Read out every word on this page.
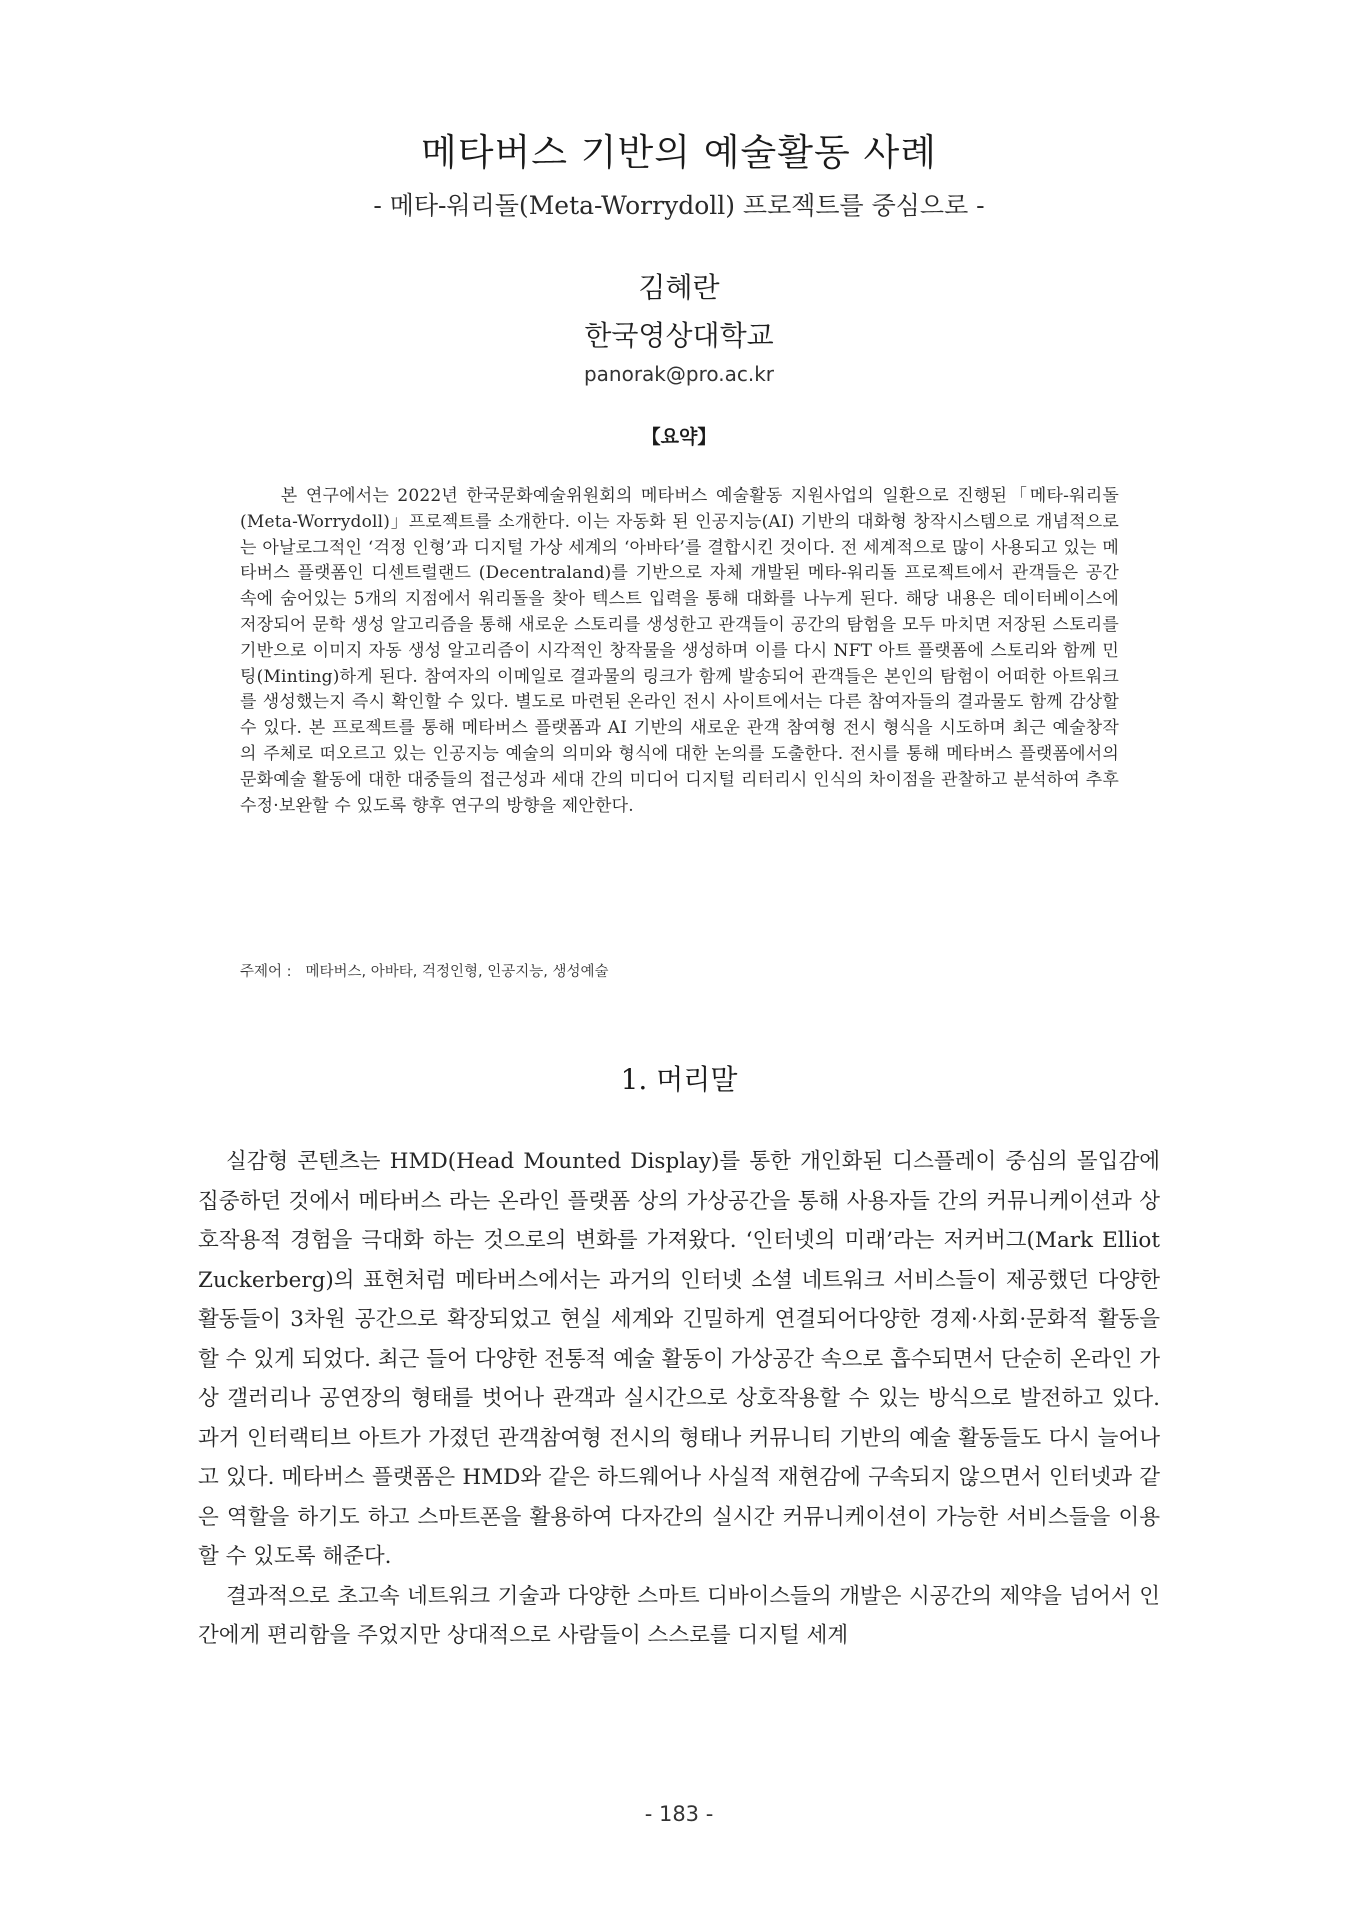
메타버스 기반의 예술활동 사례
- 메타-워리돌(Meta-Worrydoll) 프로젝트를 중심으로 -
김혜란
한국영상대학교
panorak@pro.ac.kr
【요약】

본 연구에서는 2022년 한국문화예술위원회의 메타버스 예술활동 지원사업의 일환으로 진행된「메타-워리돌 (Meta-Worrydoll)」프로젝트를 소개한다. 이는 자동화 된 인공지능(AI) 기반의 대화형 창작시스템으로 개념적으로는 아날로그적인 ‘걱정 인형’과 디지털 가상 세계의 ‘아바타’를 결합시킨 것이다. 전 세계적으로 많이 사용되고 있는 메타버스 플랫폼인 디센트럴랜드 (Decentraland)를 기반으로 자체 개발된 메타-워리돌 프로젝트에서 관객들은 공간 속에 숨어있는 5개의 지점에서 워리돌을 찾아 텍스트 입력을 통해 대화를 나누게 된다. 해당 내용은 데이터베이스에 저장되어 문학 생성 알고리즘을 통해 새로운 스토리를 생성한고 관객들이 공간의 탐험을 모두 마치면 저장된 스토리를 기반으로 이미지 자동 생성 알고리즘이 시각적인 창작물을 생성하며 이를 다시 NFT 아트 플랫폼에 스토리와 함께 민팅(Minting)하게 된다. 참여자의 이메일로 결과물의 링크가 함께 발송되어 관객들은 본인의 탐험이 어떠한 아트워크를 생성했는지 즉시 확인할 수 있다. 별도로 마련된 온라인 전시 사이트에서는 다른 참여자들의 결과물도 함께 감상할 수 있다. 본 프로젝트를 통해 메타버스 플랫폼과 AI 기반의 새로운 관객 참여형 전시 형식을 시도하며 최근 예술창작의 주체로 떠오르고 있는 인공지능 예술의 의미와 형식에 대한 논의를 도출한다. 전시를 통해 메타버스 플랫폼에서의 문화예술 활동에 대한 대중들의 접근성과 세대 간의 미디어 디지털 리터리시 인식의 차이점을 관찰하고 분석하여 추후 수정·보완할 수 있도록 향후 연구의 방향을 제안한다.

주제어 : 메타버스, 아바타, 걱정인형, 인공지능, 생성예술
1. 머리말

실감형 콘텐츠는 HMD(Head Mounted Display)를 통한 개인화된 디스플레이 중심의 몰입감에 집중하던 것에서 메타버스 라는 온라인 플랫폼 상의 가상공간을 통해 사용자들 간의 커뮤니케이션과 상호작용적 경험을 극대화 하는 것으로의 변화를 가져왔다. ‘인터넷의 미래’라는 저커버그(Mark Elliot Zuckerberg)의 표현처럼 메타버스에서는 과거의 인터넷 소셜 네트워크 서비스들이 제공했던 다양한 활동들이 3차원 공간으로 확장되었고 현실 세계와 긴밀하게 연결되어다양한 경제·사회·문화적 활동을 할 수 있게 되었다. 최근 들어 다양한 전통적 예술 활동이 가상공간 속으로 흡수되면서 단순히 온라인 가상 갤러리나 공연장의 형태를 벗어나 관객과 실시간으로 상호작용할 수 있는 방식으로 발전하고 있다. 과거 인터랙티브 아트가 가졌던 관객참여형 전시의 형태나 커뮤니티 기반의 예술 활동들도 다시 늘어나고 있다. 메타버스 플랫폼은 HMD와 같은 하드웨어나 사실적 재현감에 구속되지 않으면서 인터넷과 같은 역할을 하기도 하고 스마트폰을 활용하여 다자간의 실시간 커뮤니케이션이 가능한 서비스들을 이용할 수 있도록 해준다.

결과적으로 초고속 네트워크 기술과 다양한 스마트 디바이스들의 개발은 시공간의 제약을 넘어서 인간에게 편리함을 주었지만 상대적으로 사람들이 스스로를 디지털 세계

- 183 -
